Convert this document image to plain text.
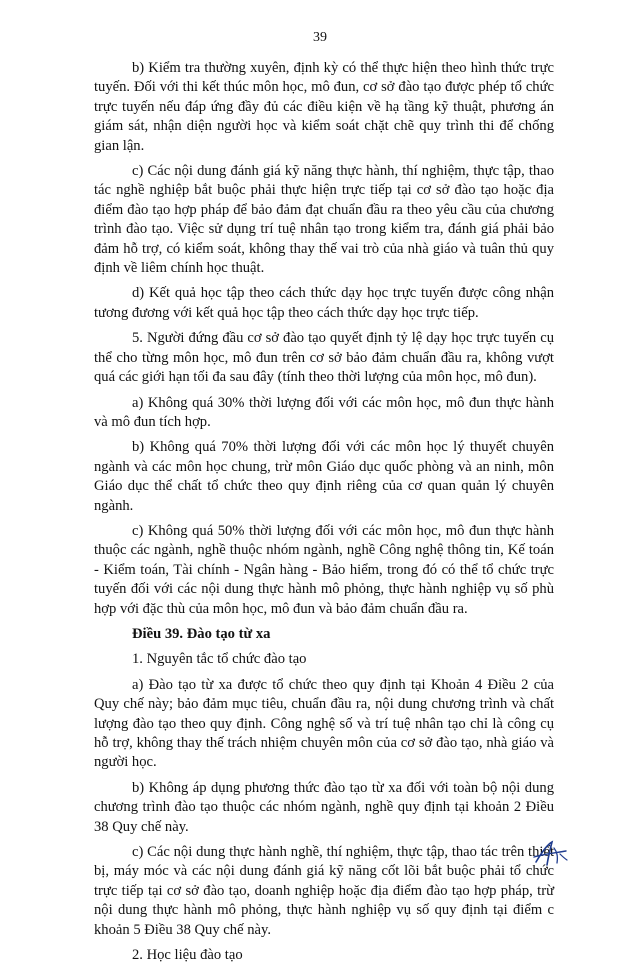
39

b) Kiểm tra thường xuyên, định kỳ có thể thực hiện theo hình thức trực tuyến. Đối với thi kết thúc môn học, mô đun, cơ sở đào tạo được phép tổ chức trực tuyến nếu đáp ứng đầy đủ các điều kiện về hạ tầng kỹ thuật, phương án giám sát, nhận diện người học và kiểm soát chặt chẽ quy trình thi để chống gian lận.

c) Các nội dung đánh giá kỹ năng thực hành, thí nghiệm, thực tập, thao tác nghề nghiệp bắt buộc phải thực hiện trực tiếp tại cơ sở đào tạo hoặc địa điểm đào tạo hợp pháp để bảo đảm đạt chuẩn đầu ra theo yêu cầu của chương trình đào tạo. Việc sử dụng trí tuệ nhân tạo trong kiểm tra, đánh giá phải bảo đảm hỗ trợ, có kiểm soát, không thay thế vai trò của nhà giáo và tuân thủ quy định về liêm chính học thuật.

d) Kết quả học tập theo cách thức dạy học trực tuyến được công nhận tương đương với kết quả học tập theo cách thức dạy học trực tiếp.

5. Người đứng đầu cơ sở đào tạo quyết định tỷ lệ dạy học trực tuyến cụ thể cho từng môn học, mô đun trên cơ sở bảo đảm chuẩn đầu ra, không vượt quá các giới hạn tối đa sau đây (tính theo thời lượng của môn học, mô đun).

a) Không quá 30% thời lượng đối với các môn học, mô đun thực hành và mô đun tích hợp.

b) Không quá 70% thời lượng đối với các môn học lý thuyết chuyên ngành và các môn học chung, trừ môn Giáo dục quốc phòng và an ninh, môn Giáo dục thể chất tổ chức theo quy định riêng của cơ quan quản lý chuyên ngành.

c) Không quá 50% thời lượng đối với các môn học, mô đun thực hành thuộc các ngành, nghề thuộc nhóm ngành, nghề Công nghệ thông tin, Kế toán - Kiểm toán, Tài chính - Ngân hàng - Bảo hiểm, trong đó có thể tổ chức trực tuyến đối với các nội dung thực hành mô phỏng, thực hành nghiệp vụ số phù hợp với đặc thù của môn học, mô đun và bảo đảm chuẩn đầu ra.

Điều 39. Đào tạo từ xa

1. Nguyên tắc tổ chức đào tạo

a) Đào tạo từ xa được tổ chức theo quy định tại Khoản 4 Điều 2 của Quy chế này; bảo đảm mục tiêu, chuẩn đầu ra, nội dung chương trình và chất lượng đào tạo theo quy định. Công nghệ số và trí tuệ nhân tạo chỉ là công cụ hỗ trợ, không thay thế trách nhiệm chuyên môn của cơ sở đào tạo, nhà giáo và người học.

b) Không áp dụng phương thức đào tạo từ xa đối với toàn bộ nội dung chương trình đào tạo thuộc các nhóm ngành, nghề quy định tại khoản 2 Điều 38 Quy chế này.

c) Các nội dung thực hành nghề, thí nghiệm, thực tập, thao tác trên thiết bị, máy móc và các nội dung đánh giá kỹ năng cốt lõi bắt buộc phải tổ chức trực tiếp tại cơ sở đào tạo, doanh nghiệp hoặc địa điểm đào tạo hợp pháp, trừ nội dung thực hành mô phỏng, thực hành nghiệp vụ số quy định tại điểm c khoản 5 Điều 38 Quy chế này.

2. Học liệu đào tạo
